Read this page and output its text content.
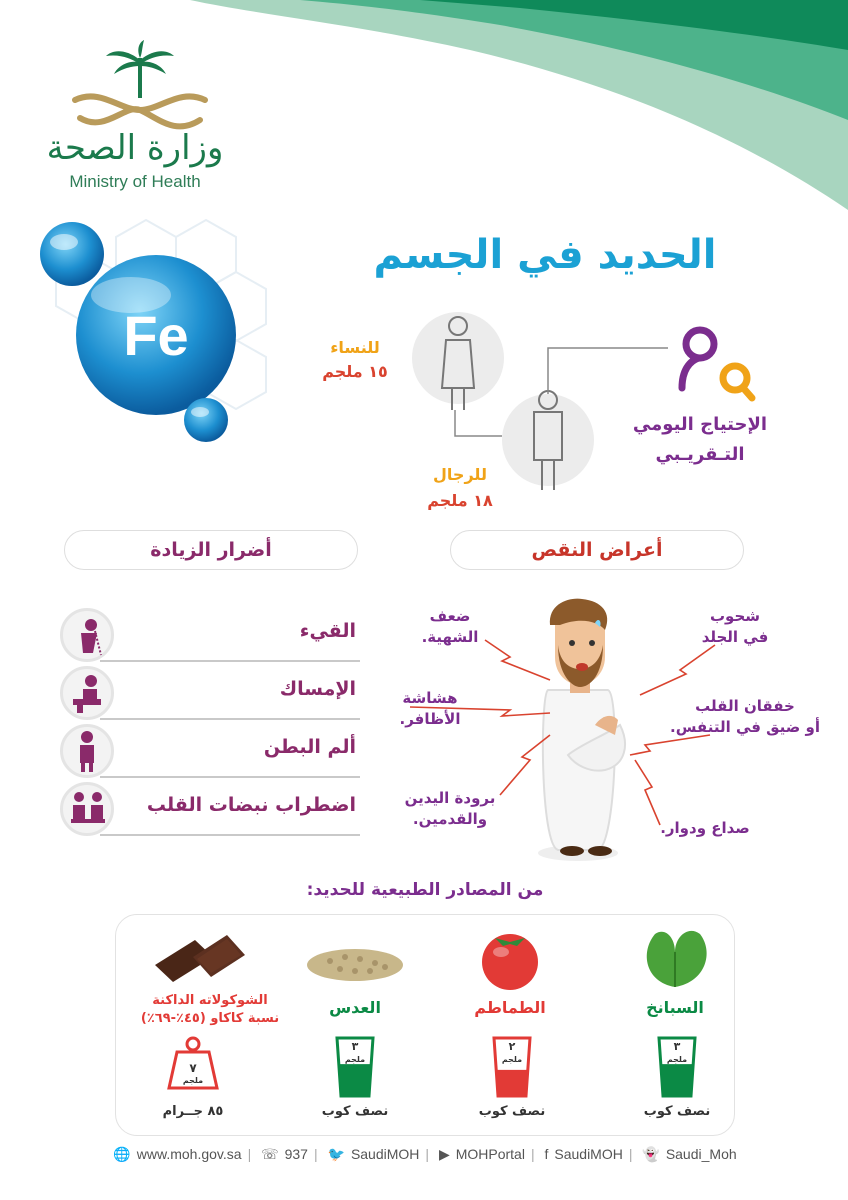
وزارة الصحة
Ministry of Health
Fe
الحديد في الجسم
للنساء
١٥ ملجم
للرجال
١٨ ملجم
الإحتياج اليومي
التـقريـبي
أضرار الزيادة	أعراض النقص
القيء
الإمساك
ألم البطن
اضطراب نبضات القلب
ضعف
الشهية.
هشاشة
الأظافر.
برودة اليدين
والقدمين.
شحوب
في الجلد
خفقان القلب
أو ضيق في التنفس.
صداع ودوار.
من المصادر الطبيعية للحديد:
السبانخ
الطماطم
العدس
الشوكولاته الداكنة
نسبة كاكاو (٤٥٪-٦٩٪)
٣
ملجم
٢
ملجم
٣
ملجم
٧
ملجم
نصف كوب
نصف كوب
نصف كوب
٨٥ جــرام
🌐 www.moh.gov.sa | ☏ 937 | 🐦 SaudiMOH | ▶ MOHPortal | f SaudiMOH | 👻 Saudi_Moh
